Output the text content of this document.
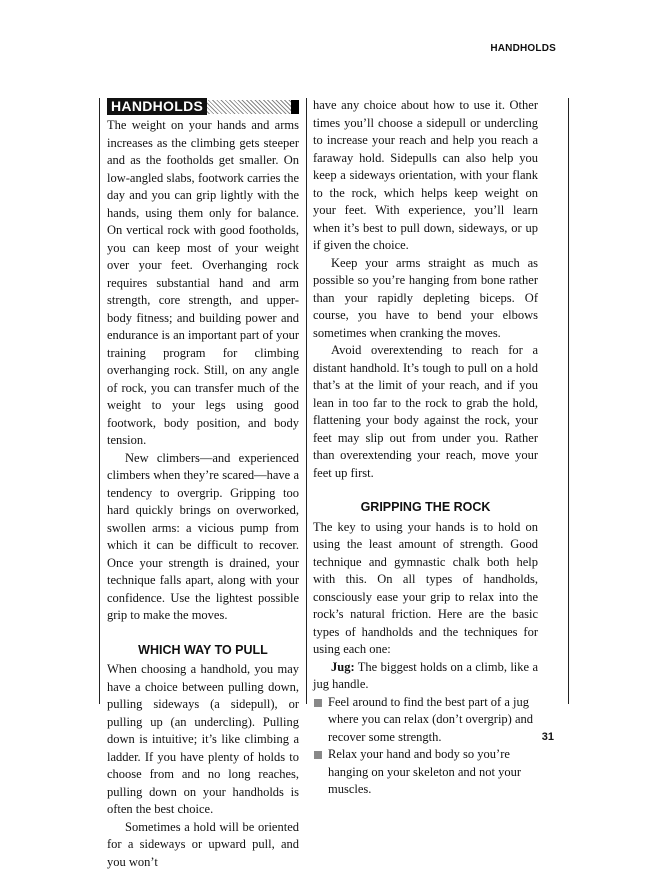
HANDHOLDS
HANDHOLDS

The weight on your hands and arms increases as the climbing gets steeper and as the footholds get smaller. On low-angled slabs, footwork carries the day and you can grip lightly with the hands, using them only for balance. On vertical rock with good footholds, you can keep most of your weight over your feet. Overhanging rock requires substantial hand and arm strength, core strength, and upper-body fitness; and building power and endurance is an important part of your training program for climbing overhanging rock. Still, on any angle of rock, you can transfer much of the weight to your legs using good footwork, body position, and body tension.

New climbers—and experienced climbers when they’re scared—have a tendency to overgrip. Gripping too hard quickly brings on overworked, swollen arms: a vicious pump from which it can be difficult to recover. Once your strength is drained, your technique falls apart, along with your confidence. Use the lightest possible grip to make the moves.

WHICH WAY TO PULL

When choosing a handhold, you may have a choice between pulling down, pulling sideways (a sidepull), or pulling up (an undercling). Pulling down is intuitive; it’s like climbing a ladder. If you have plenty of holds to choose from and no long reaches, pulling down on your handholds is often the best choice.

Sometimes a hold will be oriented for a sideways or upward pull, and you won’t

have any choice about how to use it. Other times you’ll choose a sidepull or undercling to increase your reach and help you reach a faraway hold. Sidepulls can also help you keep a sideways orientation, with your flank to the rock, which helps keep weight on your feet. With experience, you’ll learn when it’s best to pull down, sideways, or up if given the choice.

Keep your arms straight as much as possible so you’re hanging from bone rather than your rapidly depleting biceps. Of course, you have to bend your elbows sometimes when cranking the moves.

Avoid overextending to reach for a distant handhold. It’s tough to pull on a hold that’s at the limit of your reach, and if you lean in too far to the rock to grab the hold, flattening your body against the rock, your feet may slip out from under you. Rather than overextending your reach, move your feet up first.

GRIPPING THE ROCK

The key to using your hands is to hold on using the least amount of strength. Good technique and gymnastic chalk both help with this. On all types of handholds, consciously ease your grip to relax into the rock’s natural friction. Here are the basic types of handholds and the techniques for using each one:

Jug: The biggest holds on a climb, like a jug handle.

Feel around to find the best part of a jug where you can relax (don’t overgrip) and recover some strength.

Relax your hand and body so you’re hanging on your skeleton and not your muscles.

31
